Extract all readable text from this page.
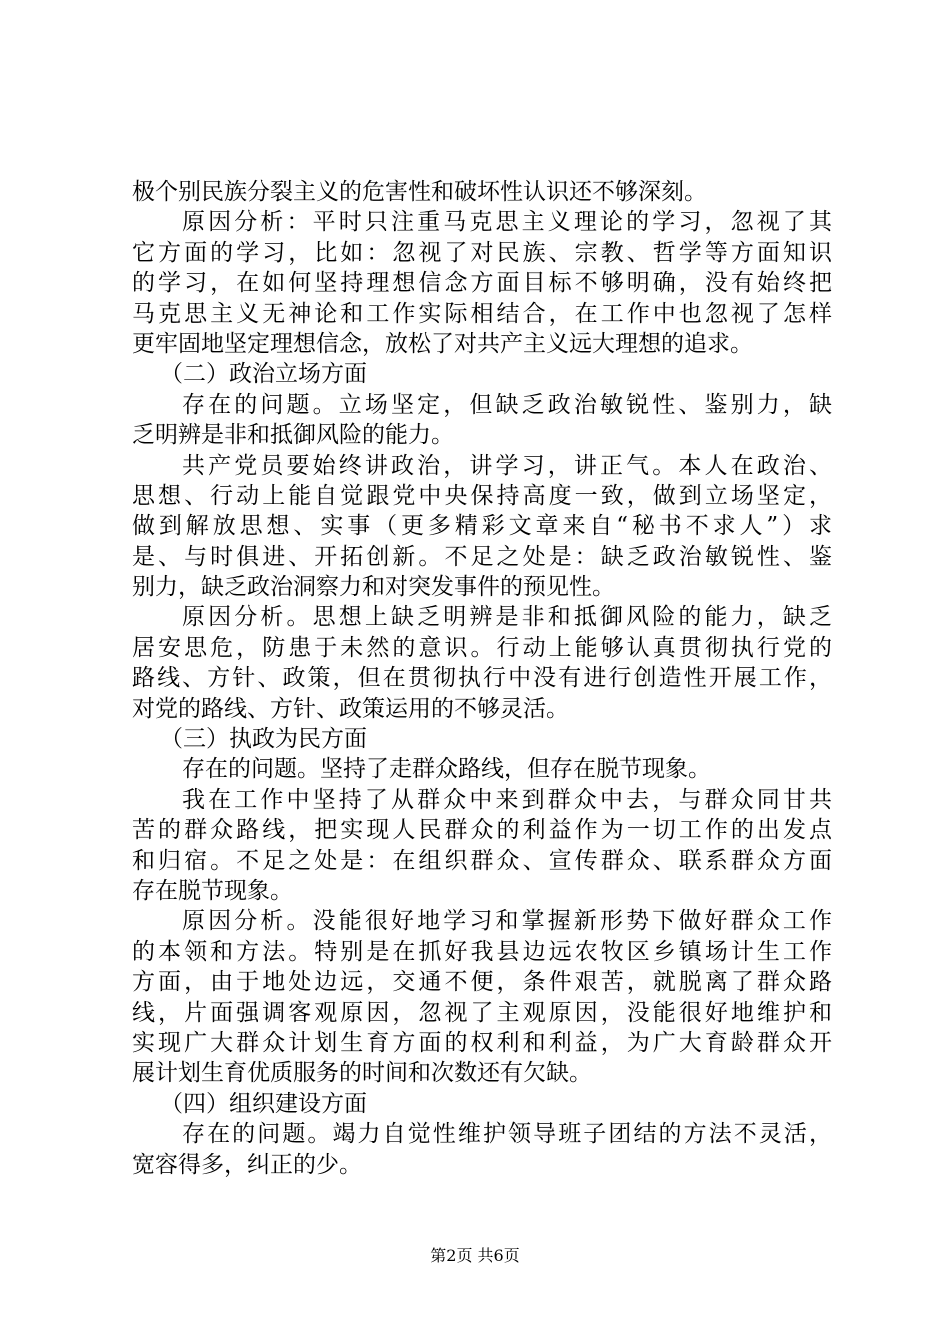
极个别民族分裂主义的危害性和破坏性认识还不够深刻。
原因分析：平时只注重马克思主义理论的学习，忽视了其
它方面的学习，比如：忽视了对民族、宗教、哲学等方面知识
的学习，在如何坚持理想信念方面目标不够明确，没有始终把
马克思主义无神论和工作实际相结合，在工作中也忽视了怎样
更牢固地坚定理想信念，放松了对共产主义远大理想的追求。
（二）政治立场方面
存在的问题。立场坚定，但缺乏政治敏锐性、鉴别力，缺
乏明辨是非和抵御风险的能力。
共产党员要始终讲政治，讲学习，讲正气。本人在政治、
思想、行动上能自觉跟党中央保持高度一致，做到立场坚定，
做到解放思想、实事（更多精彩文章来自“秘书不求人”）求
是、与时俱进、开拓创新。不足之处是：缺乏政治敏锐性、鉴
别力，缺乏政治洞察力和对突发事件的预见性。
原因分析。思想上缺乏明辨是非和抵御风险的能力，缺乏
居安思危，防患于未然的意识。行动上能够认真贯彻执行党的
路线、方针、政策，但在贯彻执行中没有进行创造性开展工作，
对党的路线、方针、政策运用的不够灵活。
（三）执政为民方面
存在的问题。坚持了走群众路线，但存在脱节现象。
我在工作中坚持了从群众中来到群众中去，与群众同甘共
苦的群众路线，把实现人民群众的利益作为一切工作的出发点
和归宿。不足之处是：在组织群众、宣传群众、联系群众方面
存在脱节现象。
原因分析。没能很好地学习和掌握新形势下做好群众工作
的本领和方法。特别是在抓好我县边远农牧区乡镇场计生工作
方面，由于地处边远，交通不便，条件艰苦，就脱离了群众路
线，片面强调客观原因，忽视了主观原因，没能很好地维护和
实现广大群众计划生育方面的权利和利益，为广大育龄群众开
展计划生育优质服务的时间和次数还有欠缺。
（四）组织建设方面
存在的问题。竭力自觉性维护领导班子团结的方法不灵活，
宽容得多，纠正的少。
第2页 共6页
